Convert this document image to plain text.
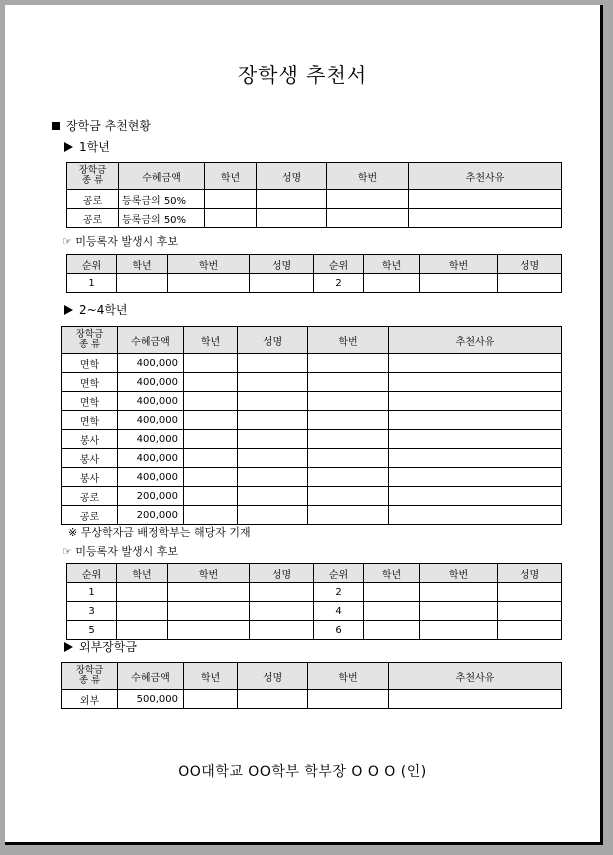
장학생 추천서
장학금 추천현황
1학년
장학금
종 류	수혜금액	학년	성명	학번	추천사유
공로	등록금의 50%				
공로	등록금의 50%				
☞ 미등록자 발생시 후보
순위	학년	학번	성명	순위	학년	학번	성명
1				2			
2~4학년
장학금
종 류	수혜금액	학년	성명	학번	추천사유
면학	400,000				
면학	400,000				
면학	400,000				
면학	400,000				
봉사	400,000				
봉사	400,000				
봉사	400,000				
공로	200,000				
공로	200,000				
※ 무상학자금 배정학부는 해당자 기재
☞ 미등록자 발생시 후보
순위	학년	학번	성명	순위	학년	학번	성명
1				2			
3				4			
5				6			
외부장학금
장학금
종 류	수혜금액	학년	성명	학번	추천사유
외부	500,000				
OO대학교 OO학부 학부장 O O O (인)
